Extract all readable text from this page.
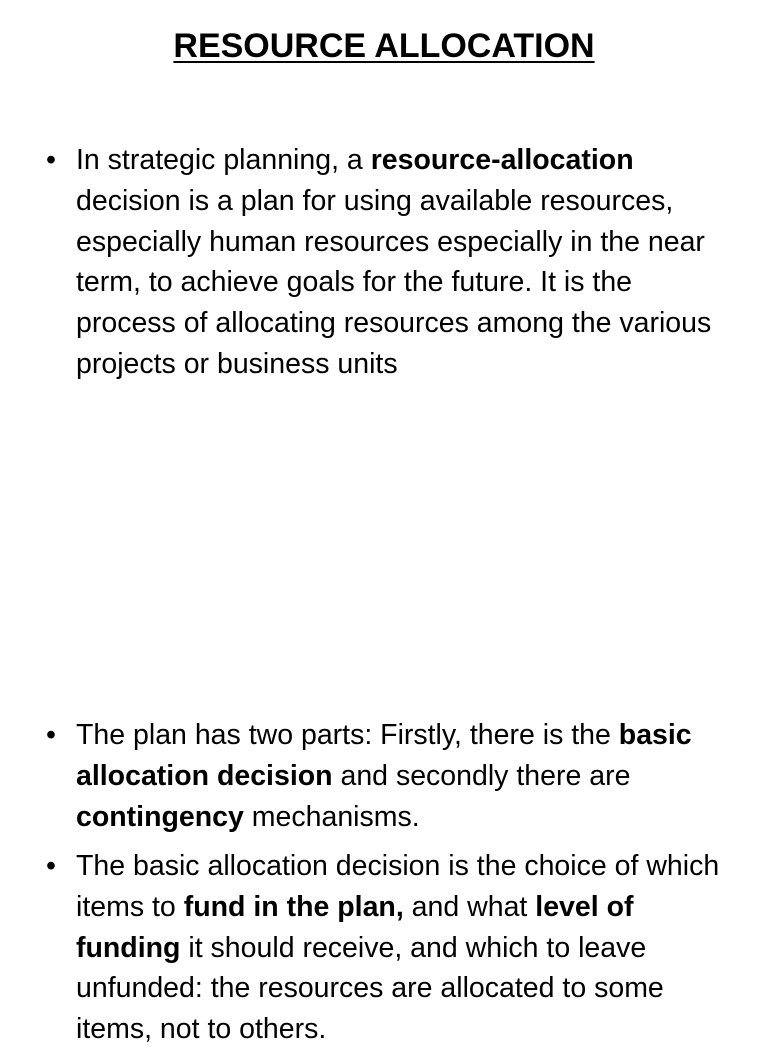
RESOURCE ALLOCATION
• In strategic planning, a resource-allocation decision is a plan for using available resources, especially human resources especially in the near term, to achieve goals for the future. It is the process of allocating resources among the various projects or business units
• The plan has two parts: Firstly, there is the basic allocation decision and secondly there are contingency mechanisms.
• The basic allocation decision is the choice of which items to fund in the plan, and what level of funding it should receive, and which to leave unfunded: the resources are allocated to some items, not to others.
